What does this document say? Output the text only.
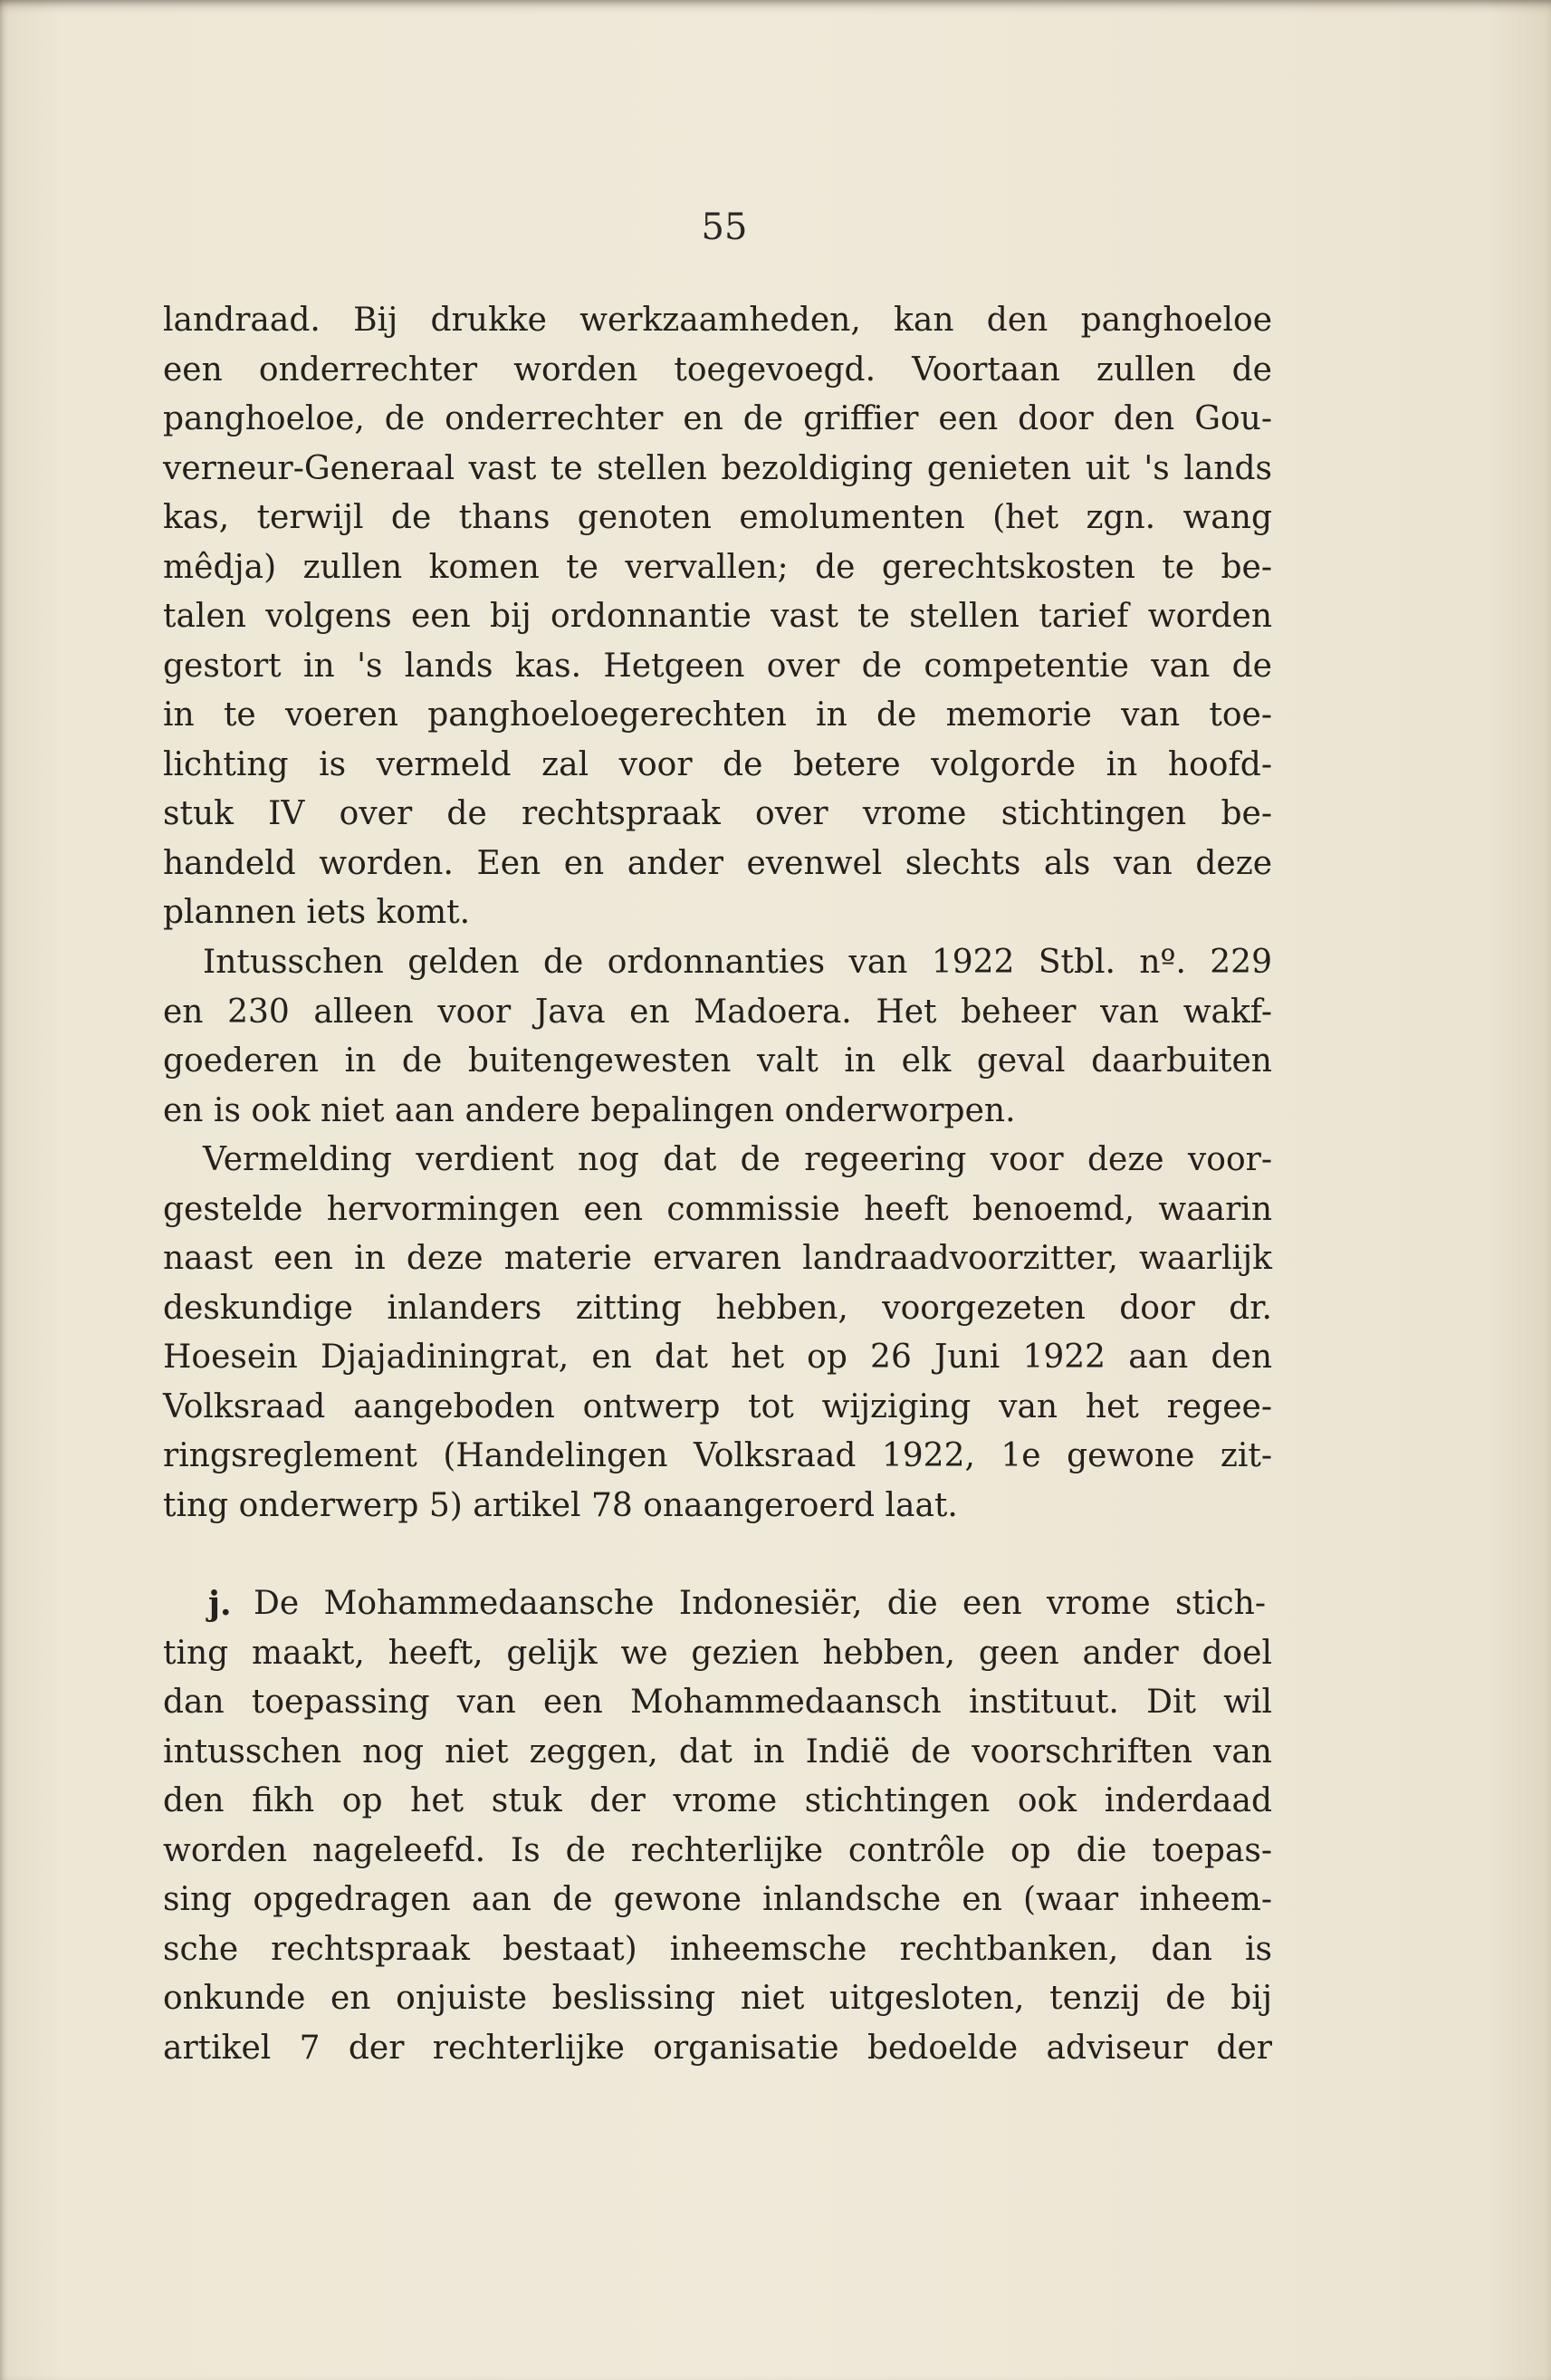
55
landraad. Bij drukke werkzaamheden, kan den panghoeloe
een onderrechter worden toegevoegd. Voortaan zullen de
panghoeloe, de onderrechter en de griffier een door den Gou-
verneur-Generaal vast te stellen bezoldiging genieten uit 's lands
kas, terwijl de thans genoten emolumenten (het zgn. wang
mêdja) zullen komen te vervallen; de gerechtskosten te be-
talen volgens een bij ordonnantie vast te stellen tarief worden
gestort in 's lands kas. Hetgeen over de competentie van de
in te voeren panghoeloegerechten in de memorie van toe-
lichting is vermeld zal voor de betere volgorde in hoofd-
stuk IV over de rechtspraak over vrome stichtingen be-
handeld worden. Een en ander evenwel slechts als van deze
plannen iets komt.
Intusschen gelden de ordonnanties van 1922 Stbl. nº. 229
en 230 alleen voor Java en Madoera. Het beheer van wakf-
goederen in de buitengewesten valt in elk geval daarbuiten
en is ook niet aan andere bepalingen onderworpen.
Vermelding verdient nog dat de regeering voor deze voor-
gestelde hervormingen een commissie heeft benoemd, waarin
naast een in deze materie ervaren landraadvoorzitter, waarlijk
deskundige inlanders zitting hebben, voorgezeten door dr.
Hoesein Djajadiningrat, en dat het op 26 Juni 1922 aan den
Volksraad aangeboden ontwerp tot wijziging van het regee-
ringsreglement (Handelingen Volksraad 1922, 1e gewone zit-
ting onderwerp 5) artikel 78 onaangeroerd laat.
j. De Mohammedaansche Indonesiër, die een vrome stich-
ting maakt, heeft, gelijk we gezien hebben, geen ander doel
dan toepassing van een Mohammedaansch instituut. Dit wil
intusschen nog niet zeggen, dat in Indië de voorschriften van
den fikh op het stuk der vrome stichtingen ook inderdaad
worden nageleefd. Is de rechterlijke contrôle op die toepas-
sing opgedragen aan de gewone inlandsche en (waar inheem-
sche rechtspraak bestaat) inheemsche rechtbanken, dan is
onkunde en onjuiste beslissing niet uitgesloten, tenzij de bij
artikel 7 der rechterlijke organisatie bedoelde adviseur der
